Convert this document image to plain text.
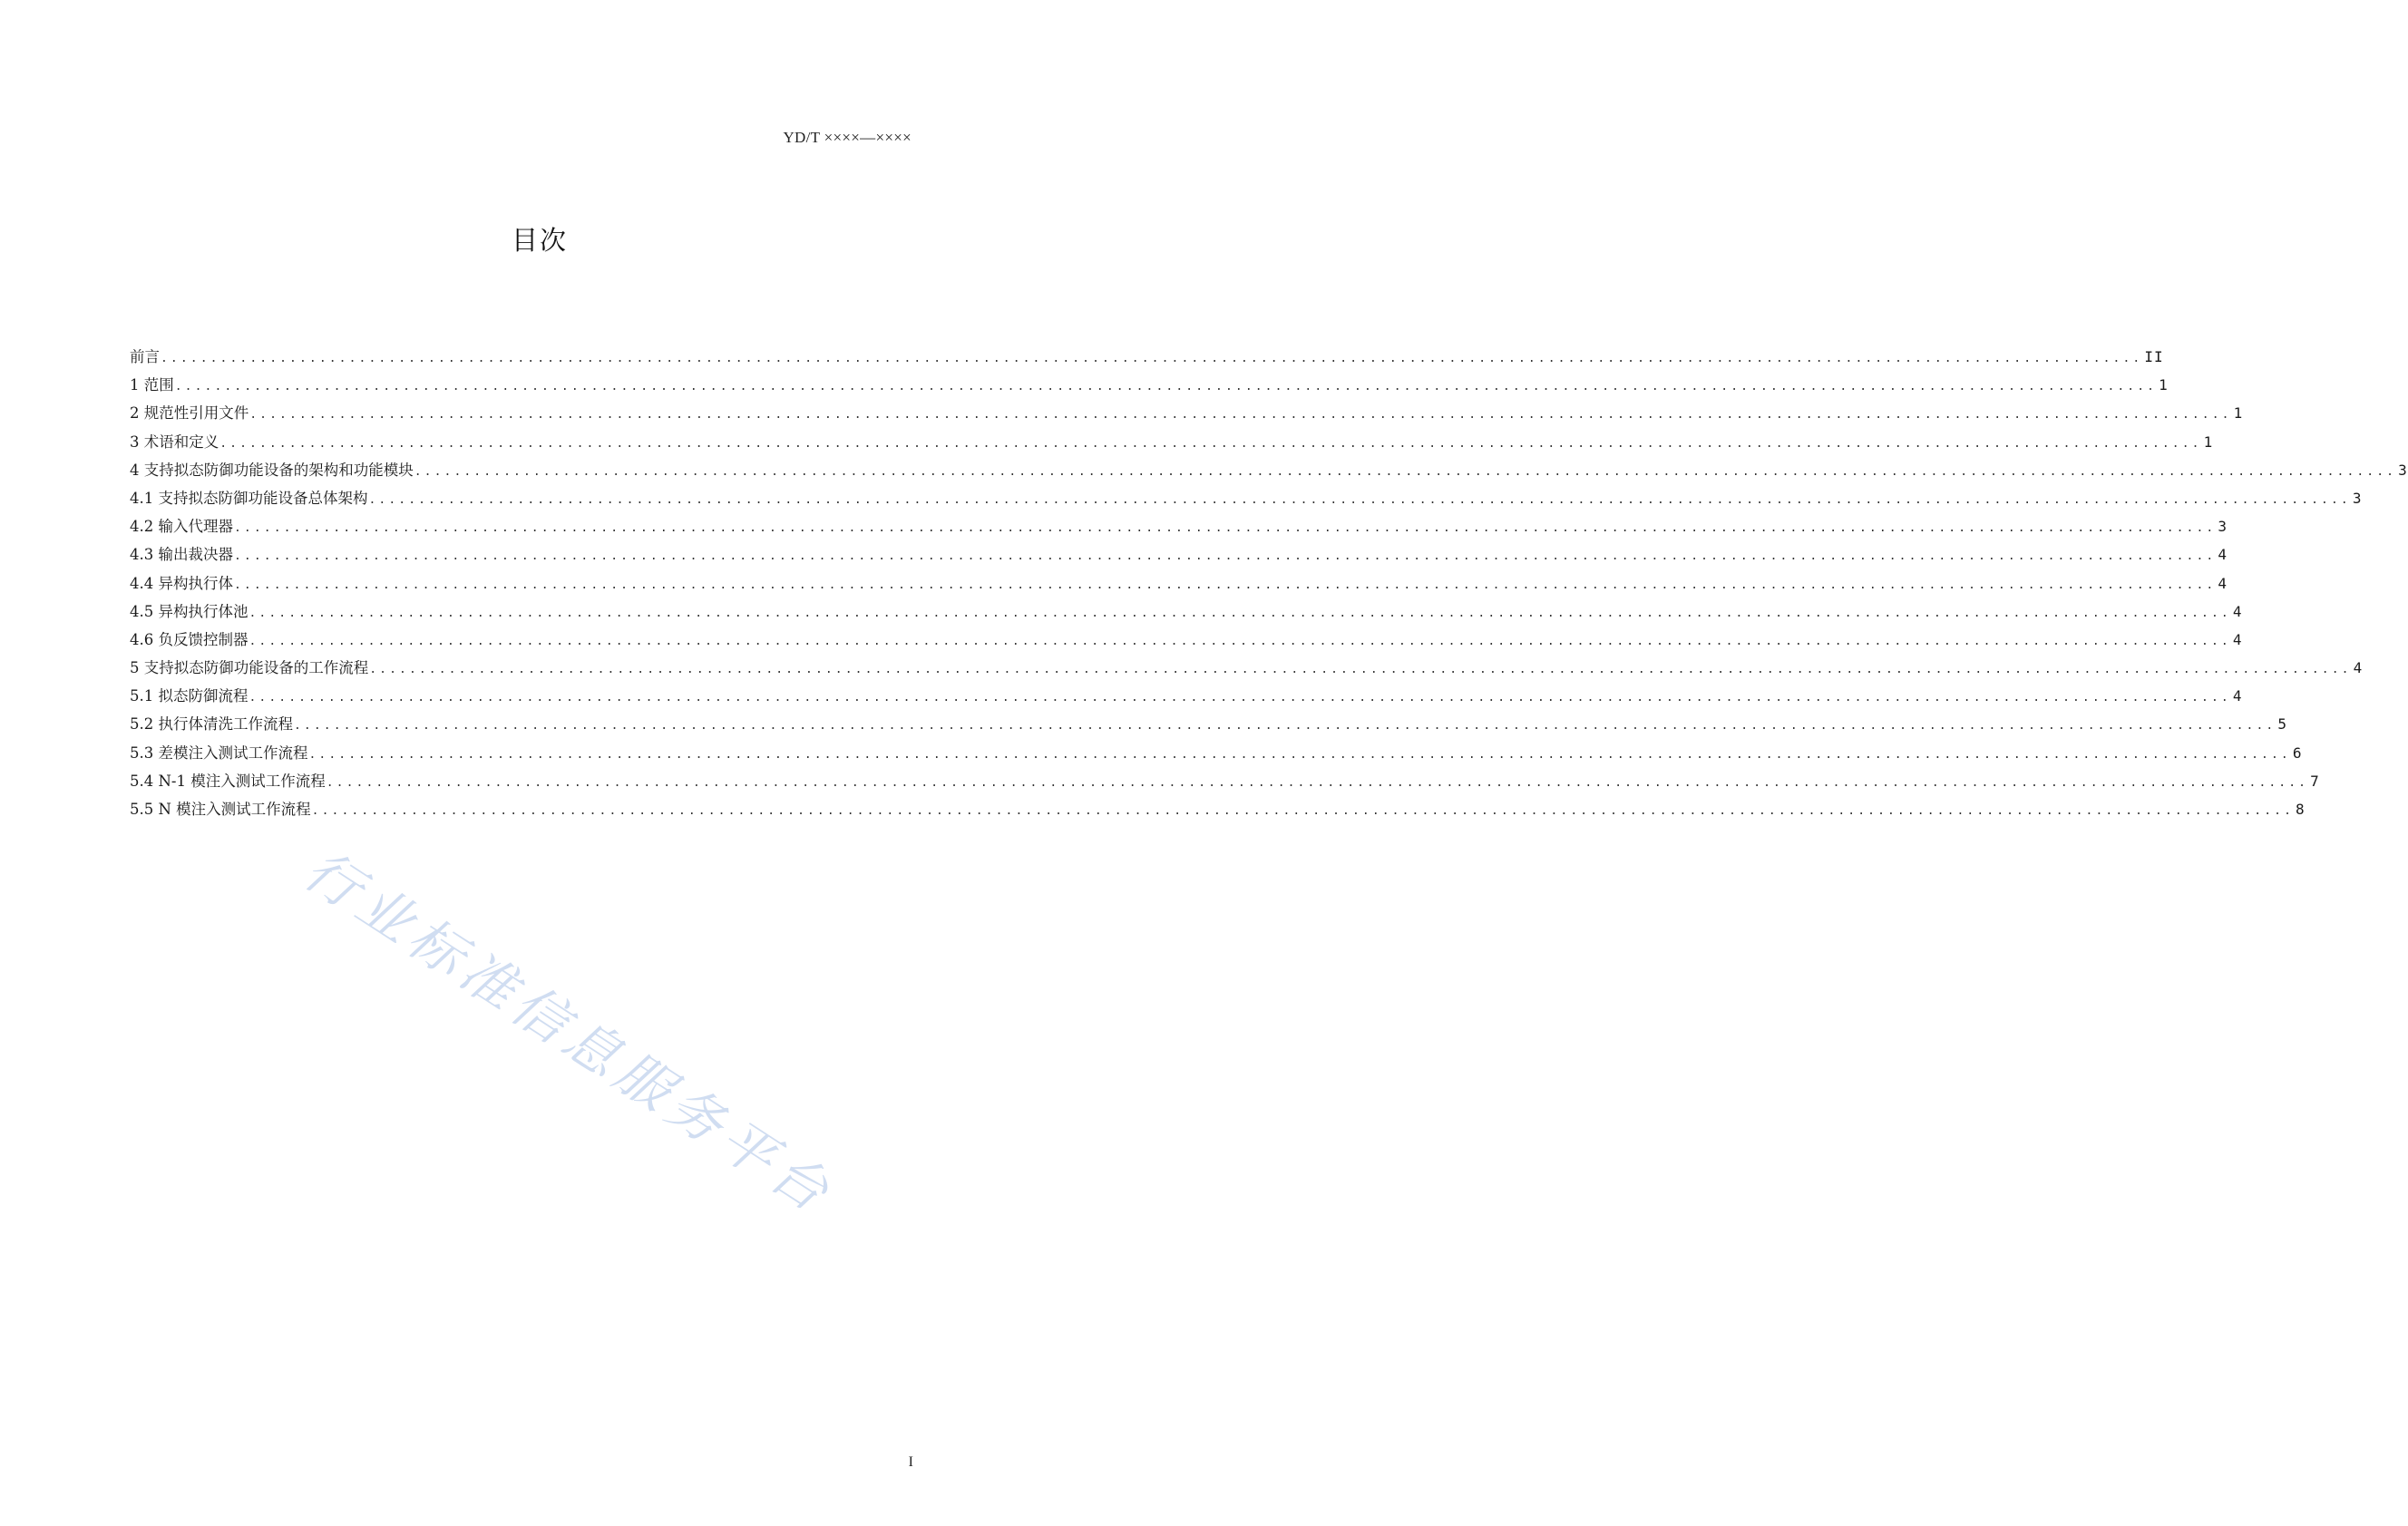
YD/T ××××—××××
目次
前言 ........................................................................................................................................................................................................ II
1 范围 ........................................................................................................................................................................................................ 1
2 规范性引用文件 ........................................................................................................................................................................................................ 1
3 术语和定义 ........................................................................................................................................................................................................ 1
4 支持拟态防御功能设备的架构和功能模块 ........................................................................................................................................................................................................ 3
4.1 支持拟态防御功能设备总体架构 ........................................................................................................................................................................................................ 3
4.2 输入代理器 ........................................................................................................................................................................................................ 3
4.3 输出裁决器 ........................................................................................................................................................................................................ 4
4.4 异构执行体 ........................................................................................................................................................................................................ 4
4.5 异构执行体池 ........................................................................................................................................................................................................ 4
4.6 负反馈控制器 ........................................................................................................................................................................................................ 4
5 支持拟态防御功能设备的工作流程 ........................................................................................................................................................................................................ 4
5.1 拟态防御流程 ........................................................................................................................................................................................................ 4
5.2 执行体清洗工作流程 ........................................................................................................................................................................................................ 5
5.3 差模注入测试工作流程 ........................................................................................................................................................................................................ 6
5.4 N-1 模注入测试工作流程 ........................................................................................................................................................................................................ 7
5.5 N 模注入测试工作流程 ........................................................................................................................................................................................................ 8
行业标准信息服务平台
I
